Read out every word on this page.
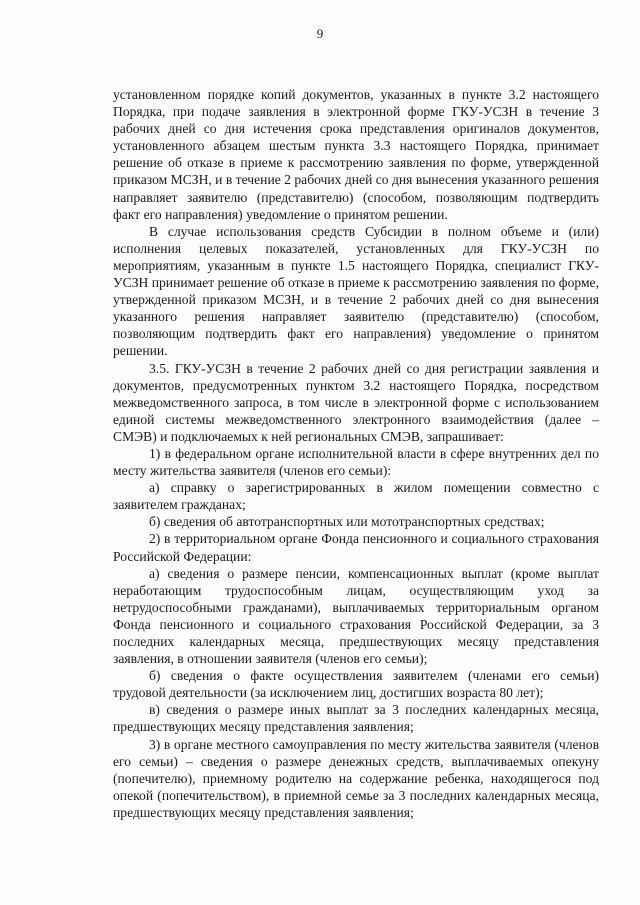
9

установленном порядке копий документов, указанных в пункте 3.2 настоящего Порядка, при подаче заявления в электронной форме ГКУ-УСЗН в течение 3 рабочих дней со дня истечения срока представления оригиналов документов, установленного абзацем шестым пункта 3.3 настоящего Порядка, принимает решение об отказе в приеме к рассмотрению заявления по форме, утвержденной приказом МСЗН, и в течение 2 рабочих дней со дня вынесения указанного решения направляет заявителю (представителю) (способом, позволяющим подтвердить факт его направления) уведомление о принятом решении.

В случае использования средств Субсидии в полном объеме и (или) исполнения целевых показателей, установленных для ГКУ-УСЗН по мероприятиям, указанным в пункте 1.5 настоящего Порядка, специалист ГКУ-УСЗН принимает решение об отказе в приеме к рассмотрению заявления по форме, утвержденной приказом МСЗН, и в течение 2 рабочих дней со дня вынесения указанного решения направляет заявителю (представителю) (способом, позволяющим подтвердить факт его направления) уведомление о принятом решении.

3.5. ГКУ-УСЗН в течение 2 рабочих дней со дня регистрации заявления и документов, предусмотренных пунктом 3.2 настоящего Порядка, посредством межведомственного запроса, в том числе в электронной форме с использованием единой системы межведомственного электронного взаимодействия (далее – СМЭВ) и подключаемых к ней региональных СМЭВ, запрашивает:

1) в федеральном органе исполнительной власти в сфере внутренних дел по месту жительства заявителя (членов его семьи):

а) справку о зарегистрированных в жилом помещении совместно с заявителем гражданах;

б) сведения об автотранспортных или мототранспортных средствах;

2) в территориальном органе Фонда пенсионного и социального страхования Российской Федерации:

а) сведения о размере пенсии, компенсационных выплат (кроме выплат неработающим трудоспособным лицам, осуществляющим уход за нетрудоспособными гражданами), выплачиваемых территориальным органом Фонда пенсионного и социального страхования Российской Федерации, за 3 последних календарных месяца, предшествующих месяцу представления заявления, в отношении заявителя (членов его семьи);

б) сведения о факте осуществления заявителем (членами его семьи) трудовой деятельности (за исключением лиц, достигших возраста 80 лет);

в) сведения о размере иных выплат за 3 последних календарных месяца, предшествующих месяцу представления заявления;

3) в органе местного самоуправления по месту жительства заявителя (членов его семьи) – сведения о размере денежных средств, выплачиваемых опекуну (попечителю), приемному родителю на содержание ребенка, находящегося под опекой (попечительством), в приемной семье за 3 последних календарных месяца, предшествующих месяцу представления заявления;
